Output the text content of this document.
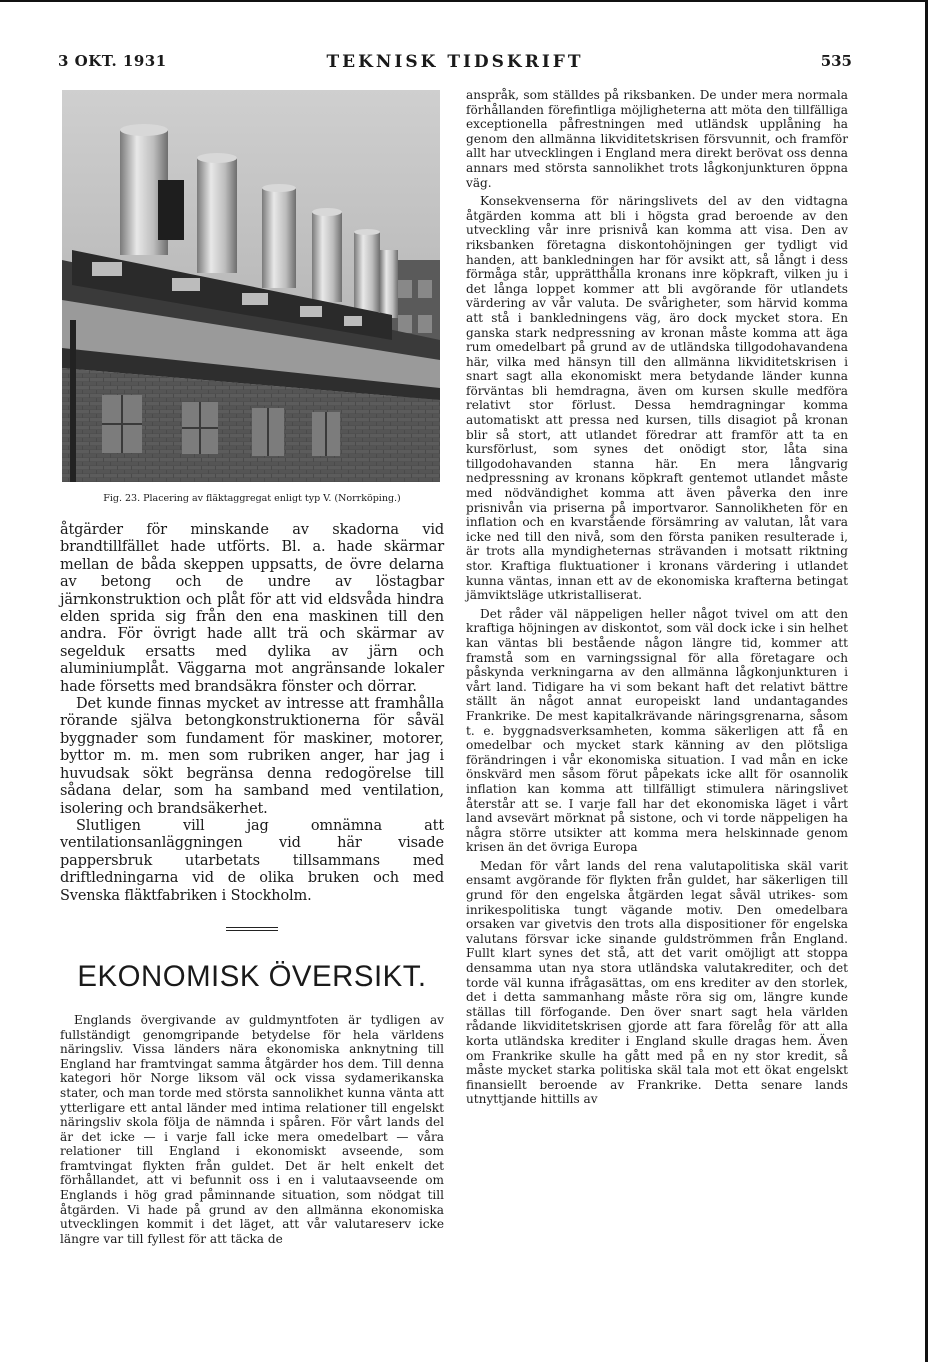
3 OKT. 1931	TEKNISK TIDSKRIFT	535
Fig. 23. Placering av fläktaggregat enligt typ V. (Norrköping.)

åtgärder för minskande av skadorna vid brandtillfället hade utförts. Bl. a. hade skärmar mellan de båda skeppen uppsatts, de övre delarna av betong och de undre av löstagbar järnkonstruktion och plåt för att vid eldsvåda hindra elden sprida sig från den ena maskinen till den andra. För övrigt hade allt trä och skärmar av segelduk ersatts med dylika av järn och aluminiumplåt. Väggarna mot angränsande lokaler hade försetts med brandsäkra fönster och dörrar.

Det kunde finnas mycket av intresse att framhålla rörande själva betongkonstruktionerna för såväl byggnader som fundament för maskiner, motorer, byttor m. m. men som rubriken anger, har jag i huvudsak sökt begränsa denna redogörelse till sådana delar, som ha samband med ventilation, isolering och brandsäkerhet.

Slutligen vill jag omnämna att ventilationsanläggningen vid här visade pappersbruk utarbetats tillsammans med driftledningarna vid de olika bruken och med Svenska fläktfabriken i Stockholm.

EKONOMISK ÖVERSIKT.

Englands övergivande av guldmyntfoten är tydligen av fullständigt genomgripande betydelse för hela världens näringsliv. Vissa länders nära ekonomiska anknytning till England har framtvingat samma åtgärder hos dem. Till denna kategori hör Norge liksom väl ock vissa sydamerikanska stater, och man torde med största sannolikhet kunna vänta att ytterligare ett antal länder med intima relationer till engelskt näringsliv skola följa de nämnda i spåren. För vårt lands del är det icke — i varje fall icke mera omedelbart — våra relationer till England i ekonomiskt avseende, som framtvingat flykten från guldet. Det är helt enkelt det förhållandet, att vi befunnit oss i en i valutaavseende om Englands i hög grad påminnande situation, som nödgat till åtgärden. Vi hade på grund av den allmänna ekonomiska utvecklingen kommit i det läget, att vår valutareserv icke längre var till fyllest för att täcka de

anspråk, som ställdes på riksbanken. De under mera normala förhållanden förefintliga möjligheterna att möta den tillfälliga exceptionella påfrestningen med utländsk upplåning ha genom den allmänna likviditetskrisen försvunnit, och framför allt har utvecklingen i England mera direkt berövat oss denna annars med största sannolikhet trots lågkonjunkturen öppna väg.

Konsekvenserna för näringslivets del av den vidtagna åtgärden komma att bli i högsta grad beroende av den utveckling vår inre prisnivå kan komma att visa. Den av riksbanken företagna diskontohöjningen ger tydligt vid handen, att bankledningen har för avsikt att, så långt i dess förmåga står, upprätthålla kronans inre köpkraft, vilken ju i det långa loppet kommer att bli avgörande för utlandets värdering av vår valuta. De svårigheter, som härvid komma att stå i bankledningens väg, äro dock mycket stora. En ganska stark nedpressning av kronan måste komma att äga rum omedelbart på grund av de utländska tillgodohavandena här, vilka med hänsyn till den allmänna likviditetskrisen i snart sagt alla ekonomiskt mera betydande länder kunna förväntas bli hemdragna, även om kursen skulle medföra relativt stor förlust. Dessa hemdragningar komma automatiskt att pressa ned kursen, tills disagiot på kronan blir så stort, att utlandet föredrar att framför att ta en kursförlust, som synes det onödigt stor, låta sina tillgodohavanden stanna här. En mera långvarig nedpressning av kronans köpkraft gentemot utlandet måste med nödvändighet komma att även påverka den inre prisnivån via priserna på importvaror. Sannolikheten för en inflation och en kvarstående försämring av valutan, låt vara icke ned till den nivå, som den första paniken resulterade i, är trots alla myndigheternas strävanden i motsatt riktning stor. Kraftiga fluktuationer i kronans värdering i utlandet kunna väntas, innan ett av de ekonomiska krafterna betingat jämviktsläge utkristalliserat.

Det råder väl näppeligen heller något tvivel om att den kraftiga höjningen av diskontot, som väl dock icke i sin helhet kan väntas bli bestående någon längre tid, kommer att framstå som en varningssignal för alla företagare och påskynda verkningarna av den allmänna lågkonjunkturen i vårt land. Tidigare ha vi som bekant haft det relativt bättre ställt än något annat europeiskt land undantagandes Frankrike. De mest kapitalkrävande näringsgrenarna, såsom t. e. byggnadsverksamheten, komma säkerligen att få en omedelbar och mycket stark känning av den plötsliga förändringen i vår ekonomiska situation. I vad mån en icke önskvärd men såsom förut påpekats icke allt för osannolik inflation kan komma att tillfälligt stimulera näringslivet återstår att se. I varje fall har det ekonomiska läget i vårt land avsevärt mörknat på sistone, och vi torde näppeligen ha några större utsikter att komma mera helskinnade genom krisen än det övriga Europa

Medan för vårt lands del rena valutapolitiska skäl varit ensamt avgörande för flykten från guldet, har säkerligen till grund för den engelska åtgärden legat såväl utrikes- som inrikespolitiska tungt vägande motiv. Den omedelbara orsaken var givetvis den trots alla dispositioner för engelska valutans försvar icke sinande guldströmmen från England. Fullt klart synes det stå, att det varit omöjligt att stoppa densamma utan nya stora utländska valutakrediter, och det torde väl kunna ifrågasättas, om ens krediter av den storlek, det i detta sammanhang måste röra sig om, längre kunde ställas till förfogande. Den över snart sagt hela världen rådande likviditetskrisen gjorde att fara förelåg för att alla korta utländska krediter i England skulle dragas hem. Även om Frankrike skulle ha gått med på en ny stor kredit, så måste mycket starka politiska skäl tala mot ett ökat engelskt finansiellt beroende av Frankrike. Detta senare lands utnyttjande hittills av
